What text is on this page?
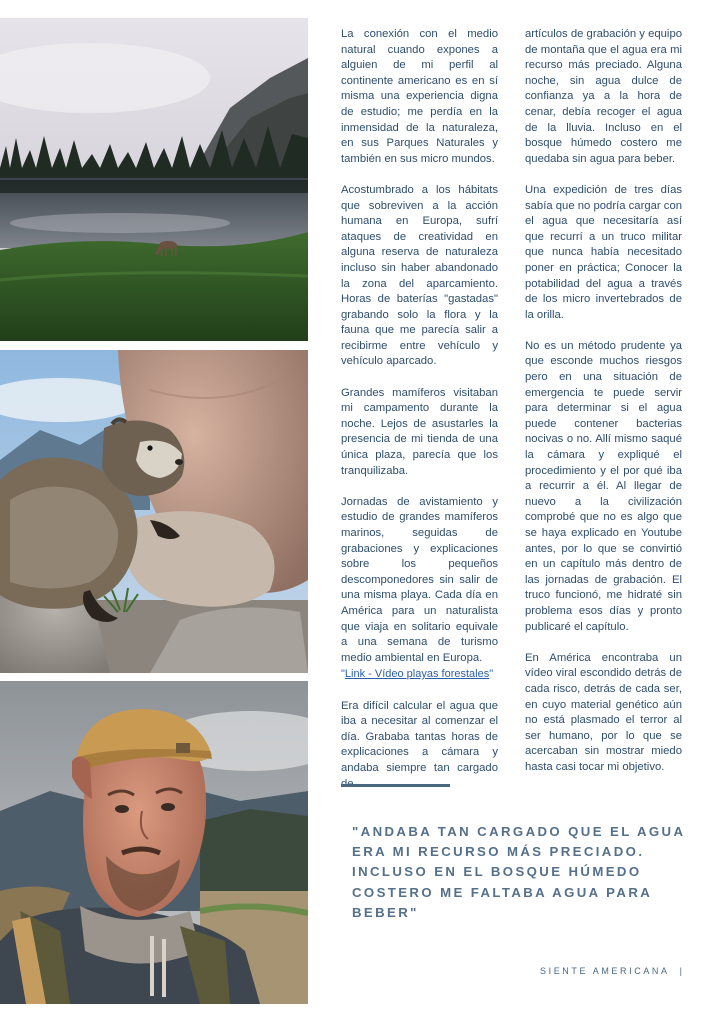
La conexión con el medio natural cuando expones a alguien de mi perfil al continente americano es en sí misma una experiencia digna de estudio; me perdía en la inmensidad de la naturaleza, en sus Parques Naturales y también en sus micro mundos.

Acostumbrado a los hábitats que sobreviven a la acción humana en Europa, sufrí ataques de creatividad en alguna reserva de naturaleza incluso sin haber abandonado la zona del aparcamiento. Horas de baterías "gastadas" grabando solo la flora y la fauna que me parecía salir a recibirme entre vehículo y vehículo aparcado.

Grandes mamíferos visitaban mi campamento durante la noche. Lejos de asustarles la presencia de mi tienda de una única plaza, parecía que los tranquilizaba.

Jornadas de avistamiento y estudio de grandes mamíferos marinos, seguidas de grabaciones y explicaciones sobre los pequeños descomponedores sin salir de una misma playa. Cada día en América para un naturalista que viaja en solitario equivale a una semana de turismo medio ambiental en Europa.

"Link - Vídeo playas forestales"

Era difícil calcular el agua que iba a necesitar al comenzar el día. Grababa tantas horas de explicaciones a cámara y andaba siempre tan cargado

artículos de grabación y equipo de montaña que el agua era mi recurso más preciado. Alguna noche, sin agua dulce de confianza ya a la hora de cenar, debía recoger el agua de la lluvia. Incluso en el bosque húmedo costero me quedaba sin agua para beber.

Una expedición de tres días sabía que no podría cargar con el agua que necesitaría así que recurrí a un truco militar que nunca había necesitado poner en práctica; Conocer la potabilidad del agua a través de los micro invertebrados de la orilla.

No es un método prudente ya que esconde muchos riesgos pero en una situación de emergencia te puede servir para determinar si el agua puede contener bacterias nocivas o no. Allí mismo saqué la cámara y expliqué el procedimiento y el por qué iba a recurrir a él. Al llegar de nuevo a la civilización comprobé que no es algo que se haya explicado en Youtube antes, por lo que se convirtió en un capítulo más dentro de las jornadas de grabación. El truco funcionó, me hidraté sin problema esos días y pronto publicaré el capítulo.

En América encontraba un vídeo viral escondido detrás de cada risco, detrás de cada ser, en cuyo material genético aún no está plasmado el terror al ser humano, por lo que se acercaban sin mostrar miedo hasta casi tocar mi objetivo.

"ANDABA TAN CARGADO QUE EL AGUA ERA MI RECURSO MÁS PRECIADO. INCLUSO EN EL BOSQUE HÚMEDO COSTERO ME FALTABA AGUA PARA BEBER"
SIENTE AMERICANA |
